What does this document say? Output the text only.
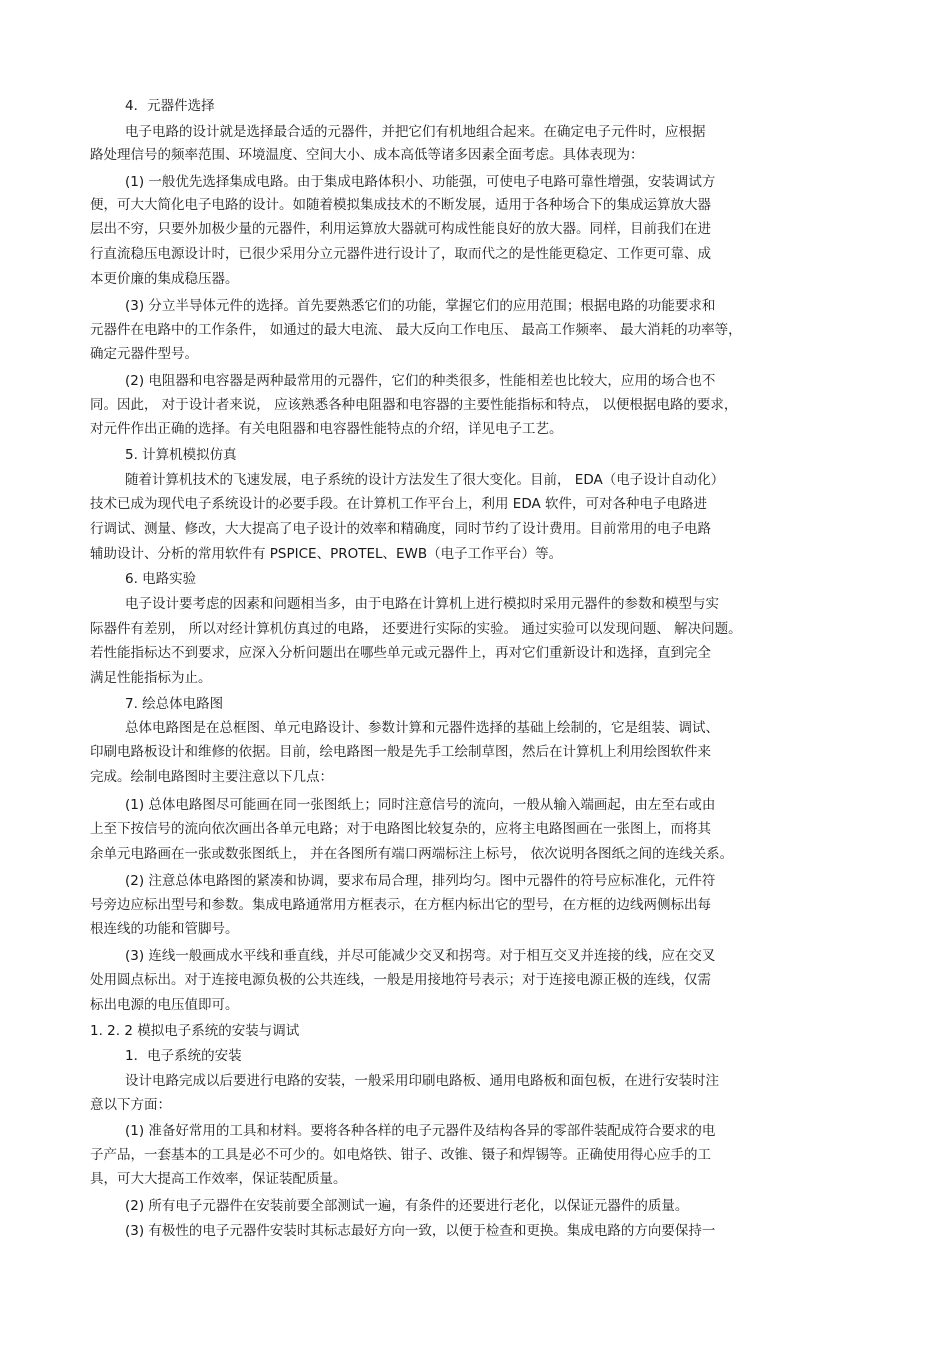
4．元器件选择
电子电路的设计就是选择最合适的元器件，并把它们有机地组合起来。在确定电子元件时，应根据
路处理信号的频率范围、环境温度、空间大小、成本高低等诸多因素全面考虑。具体表现为：
(1) 一般优先选择集成电路。由于集成电路体积小、功能强，可使电子电路可靠性增强，安装调试方
便，可大大简化电子电路的设计。如随着模拟集成技术的不断发展，适用于各种场合下的集成运算放大器
层出不穷，只要外加极少量的元器件，利用运算放大器就可构成性能良好的放大器。同样，目前我们在进
行直流稳压电源设计时，已很少采用分立元器件进行设计了，取而代之的是性能更稳定、工作更可靠、成
本更价廉的集成稳压器。
(3) 分立半导体元件的选择。首先要熟悉它们的功能，掌握它们的应用范围；根据电路的功能要求和
元器件在电路中的工作条件， 如通过的最大电流、 最大反向工作电压、 最高工作频率、 最大消耗的功率等，
确定元器件型号。
(2) 电阻器和电容器是两种最常用的元器件，它们的种类很多，性能相差也比较大，应用的场合也不
同。因此， 对于设计者来说， 应该熟悉各种电阻器和电容器的主要性能指标和特点， 以便根据电路的要求，
对元件作出正确的选择。有关电阻器和电容器性能特点的介绍，详见电子工艺。
5. 计算机模拟仿真
随着计算机技术的飞速发展，电子系统的设计方法发生了很大变化。目前， EDA（电子设计自动化）
技术已成为现代电子系统设计的必要手段。在计算机工作平台上，利用 EDA 软件，可对各种电子电路进
行调试、测量、修改，大大提高了电子设计的效率和精确度，同时节约了设计费用。目前常用的电子电路
辅助设计、分析的常用软件有 PSPICE、PROTEL、EWB（电子工作平台）等。
6. 电路实验
电子设计要考虑的因素和问题相当多，由于电路在计算机上进行模拟时采用元器件的参数和模型与实
际器件有差别， 所以对经计算机仿真过的电路， 还要进行实际的实验。 通过实验可以发现问题、 解决问题。
若性能指标达不到要求，应深入分析问题出在哪些单元或元器件上，再对它们重新设计和选择，直到完全
满足性能指标为止。
7. 绘总体电路图
总体电路图是在总框图、单元电路设计、参数计算和元器件选择的基础上绘制的，它是组装、调试、
印刷电路板设计和维修的依据。目前，绘电路图一般是先手工绘制草图，然后在计算机上利用绘图软件来
完成。绘制电路图时主要注意以下几点：
(1) 总体电路图尽可能画在同一张图纸上；同时注意信号的流向，一般从输入端画起，由左至右或由
上至下按信号的流向依次画出各单元电路；对于电路图比较复杂的，应将主电路图画在一张图上，而将其
余单元电路画在一张或数张图纸上， 并在各图所有端口两端标注上标号， 依次说明各图纸之间的连线关系。
(2) 注意总体电路图的紧凑和协调，要求布局合理，排列均匀。图中元器件的符号应标准化，元件符
号旁边应标出型号和参数。集成电路通常用方框表示，在方框内标出它的型号，在方框的边线两侧标出每
根连线的功能和管脚号。
(3) 连线一般画成水平线和垂直线，并尽可能减少交叉和拐弯。对于相互交叉并连接的线，应在交叉
处用圆点标出。对于连接电源负极的公共连线，一般是用接地符号表示；对于连接电源正极的连线，仅需
标出电源的电压值即可。
1. 2. 2 模拟电子系统的安装与调试
1．电子系统的安装
设计电路完成以后要进行电路的安装，一般采用印刷电路板、通用电路板和面包板，在进行安装时注
意以下方面：
(1) 准备好常用的工具和材料。要将各种各样的电子元器件及结构各异的零部件装配成符合要求的电
子产品，一套基本的工具是必不可少的。如电烙铁、钳子、改锥、镊子和焊锡等。正确使用得心应手的工
具，可大大提高工作效率，保证装配质量。
(2) 所有电子元器件在安装前要全部测试一遍，有条件的还要进行老化，以保证元器件的质量。
(3) 有极性的电子元器件安装时其标志最好方向一致，以便于检查和更换。集成电路的方向要保持一
